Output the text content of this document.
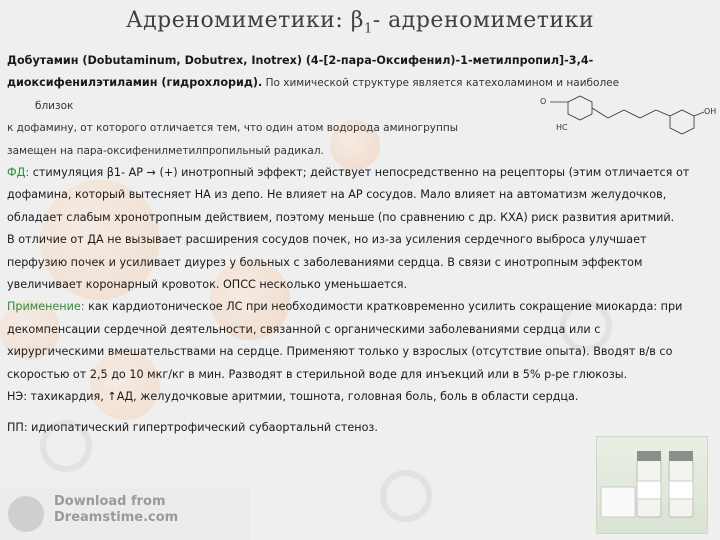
Адреномиметики: $\beta_1-$ адреномиметики
O
HC
OH

Добутамин (Dobutaminum, Dobutrex, Inotrex) (4-[2-пара-Оксифенил)-1-метилпропил]-3,4-

диоксифенилэтиламин (гидрохлорид). По химической структуре является катехоламином и наиболее

близок

к дофамину, от которого отличается тем, что один атом водорода аминогруппы

замещен на пара-оксифенилметилпропильный радикал.

ФД: стимуляция β1- АР → (+) инотропный эффект; действует непосредственно на рецепторы (этим отличается от

дофамина, который вытесняет НА из депо. Не влияет на АР сосудов. Мало влияет на автоматизм желудочков,

обладает слабым хронотропным действием, поэтому меньше (по сравнению с др. КХА) риск развития аритмий.

В отличие от ДА не вызывает расширения сосудов почек, но из-за усиления сердечного выброса улучшает

перфузию почек и усиливает диурез у больных с заболеваниями сердца. В связи с инотропным эффектом

увеличивает коронарный кровоток. ОПСС несколько уменьшается.

Применение: как кардиотоническое ЛС при необходимости кратковременно усилить сокращение миокарда: при

декомпенсации сердечной деятельности, связанной с органическими заболеваниями сердца или с

хирургическими вмешательствами на сердце. Применяют только у взрослых (отсутствие опыта). Вводят в/в со

скоростью от 2,5 до 10 мкг/кг в мин. Разводят в стерильной воде для инъекций или в 5% р-ре глюкозы.

НЭ: тахикардия, ↑АД, желудочковые аритмии, тошнота, головная боль, боль в области сердца.

ПП: идиопатический гипертрофический субаортальнй стеноз.

Download from
Dreamstime.com
